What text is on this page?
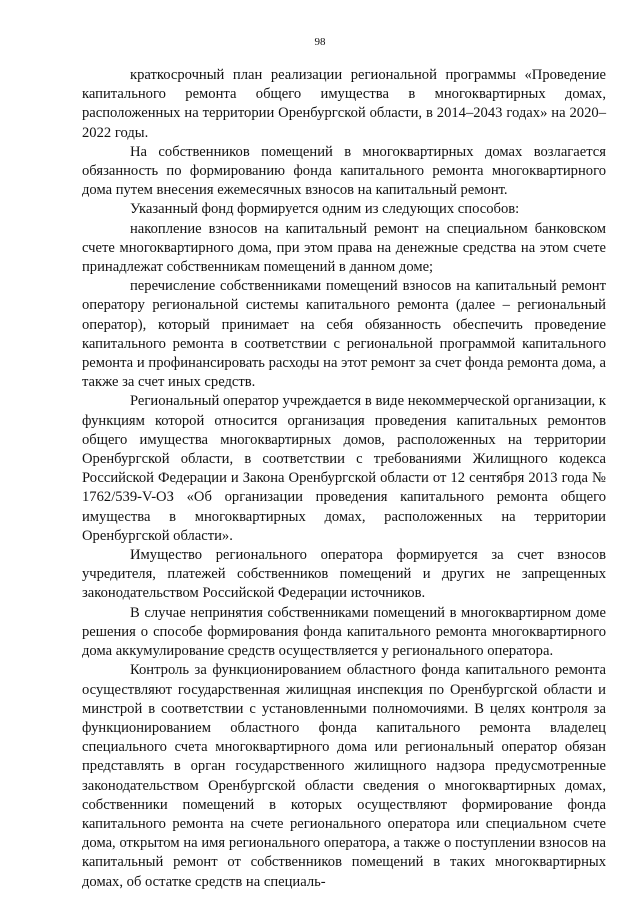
98

краткосрочный план реализации региональной программы «Проведение капитального ремонта общего имущества в многоквартирных домах, расположенных на территории Оренбургской области, в 2014–2043 годах» на 2020–2022 годы.

На собственников помещений в многоквартирных домах возлагается обязанность по формированию фонда капитального ремонта многоквартирного дома путем внесения ежемесячных взносов на капитальный ремонт.

Указанный фонд формируется одним из следующих способов:

накопление взносов на капитальный ремонт на специальном банковском счете многоквартирного дома, при этом права на денежные средства на этом счете принадлежат собственникам помещений в данном доме;

перечисление собственниками помещений взносов на капитальный ремонт оператору региональной системы капитального ремонта (далее – региональный оператор), который принимает на себя обязанность обеспечить проведение капитального ремонта в соответствии с региональной программой капитального ремонта и профинансировать расходы на этот ремонт за счет фонда ремонта дома, а также за счет иных средств.

Региональный оператор учреждается в виде некоммерческой организации, к функциям которой относится организация проведения капитальных ремонтов общего имущества многоквартирных домов, расположенных на территории Оренбургской области, в соответствии с требованиями Жилищного кодекса Российской Федерации и Закона Оренбургской области от 12 сентября 2013 года № 1762/539-V-ОЗ «Об организации проведения капитального ремонта общего имущества в многоквартирных домах, расположенных на территории Оренбургской области».

Имущество регионального оператора формируется за счет взносов учредителя, платежей собственников помещений и других не запрещенных законодательством Российской Федерации источников.

В случае непринятия собственниками помещений в многоквартирном доме решения о способе формирования фонда капитального ремонта многоквартирного дома аккумулирование средств осуществляется у регионального оператора.

Контроль за функционированием областного фонда капитального ремонта осуществляют государственная жилищная инспекция по Оренбургской области и минстрой в соответствии с установленными полномочиями. В целях контроля за функционированием областного фонда капитального ремонта владелец специального счета многоквартирного дома или региональный оператор обязан представлять в орган государственного жилищного надзора предусмотренные законодательством Оренбургской области сведения о многоквартирных домах, собственники помещений в которых осуществляют формирование фонда капитального ремонта на счете регионального оператора или специальном счете дома, открытом на имя регионального оператора, а также о поступлении взносов на капитальный ремонт от собственников помещений в таких многоквартирных домах, об остатке средств на специаль-
